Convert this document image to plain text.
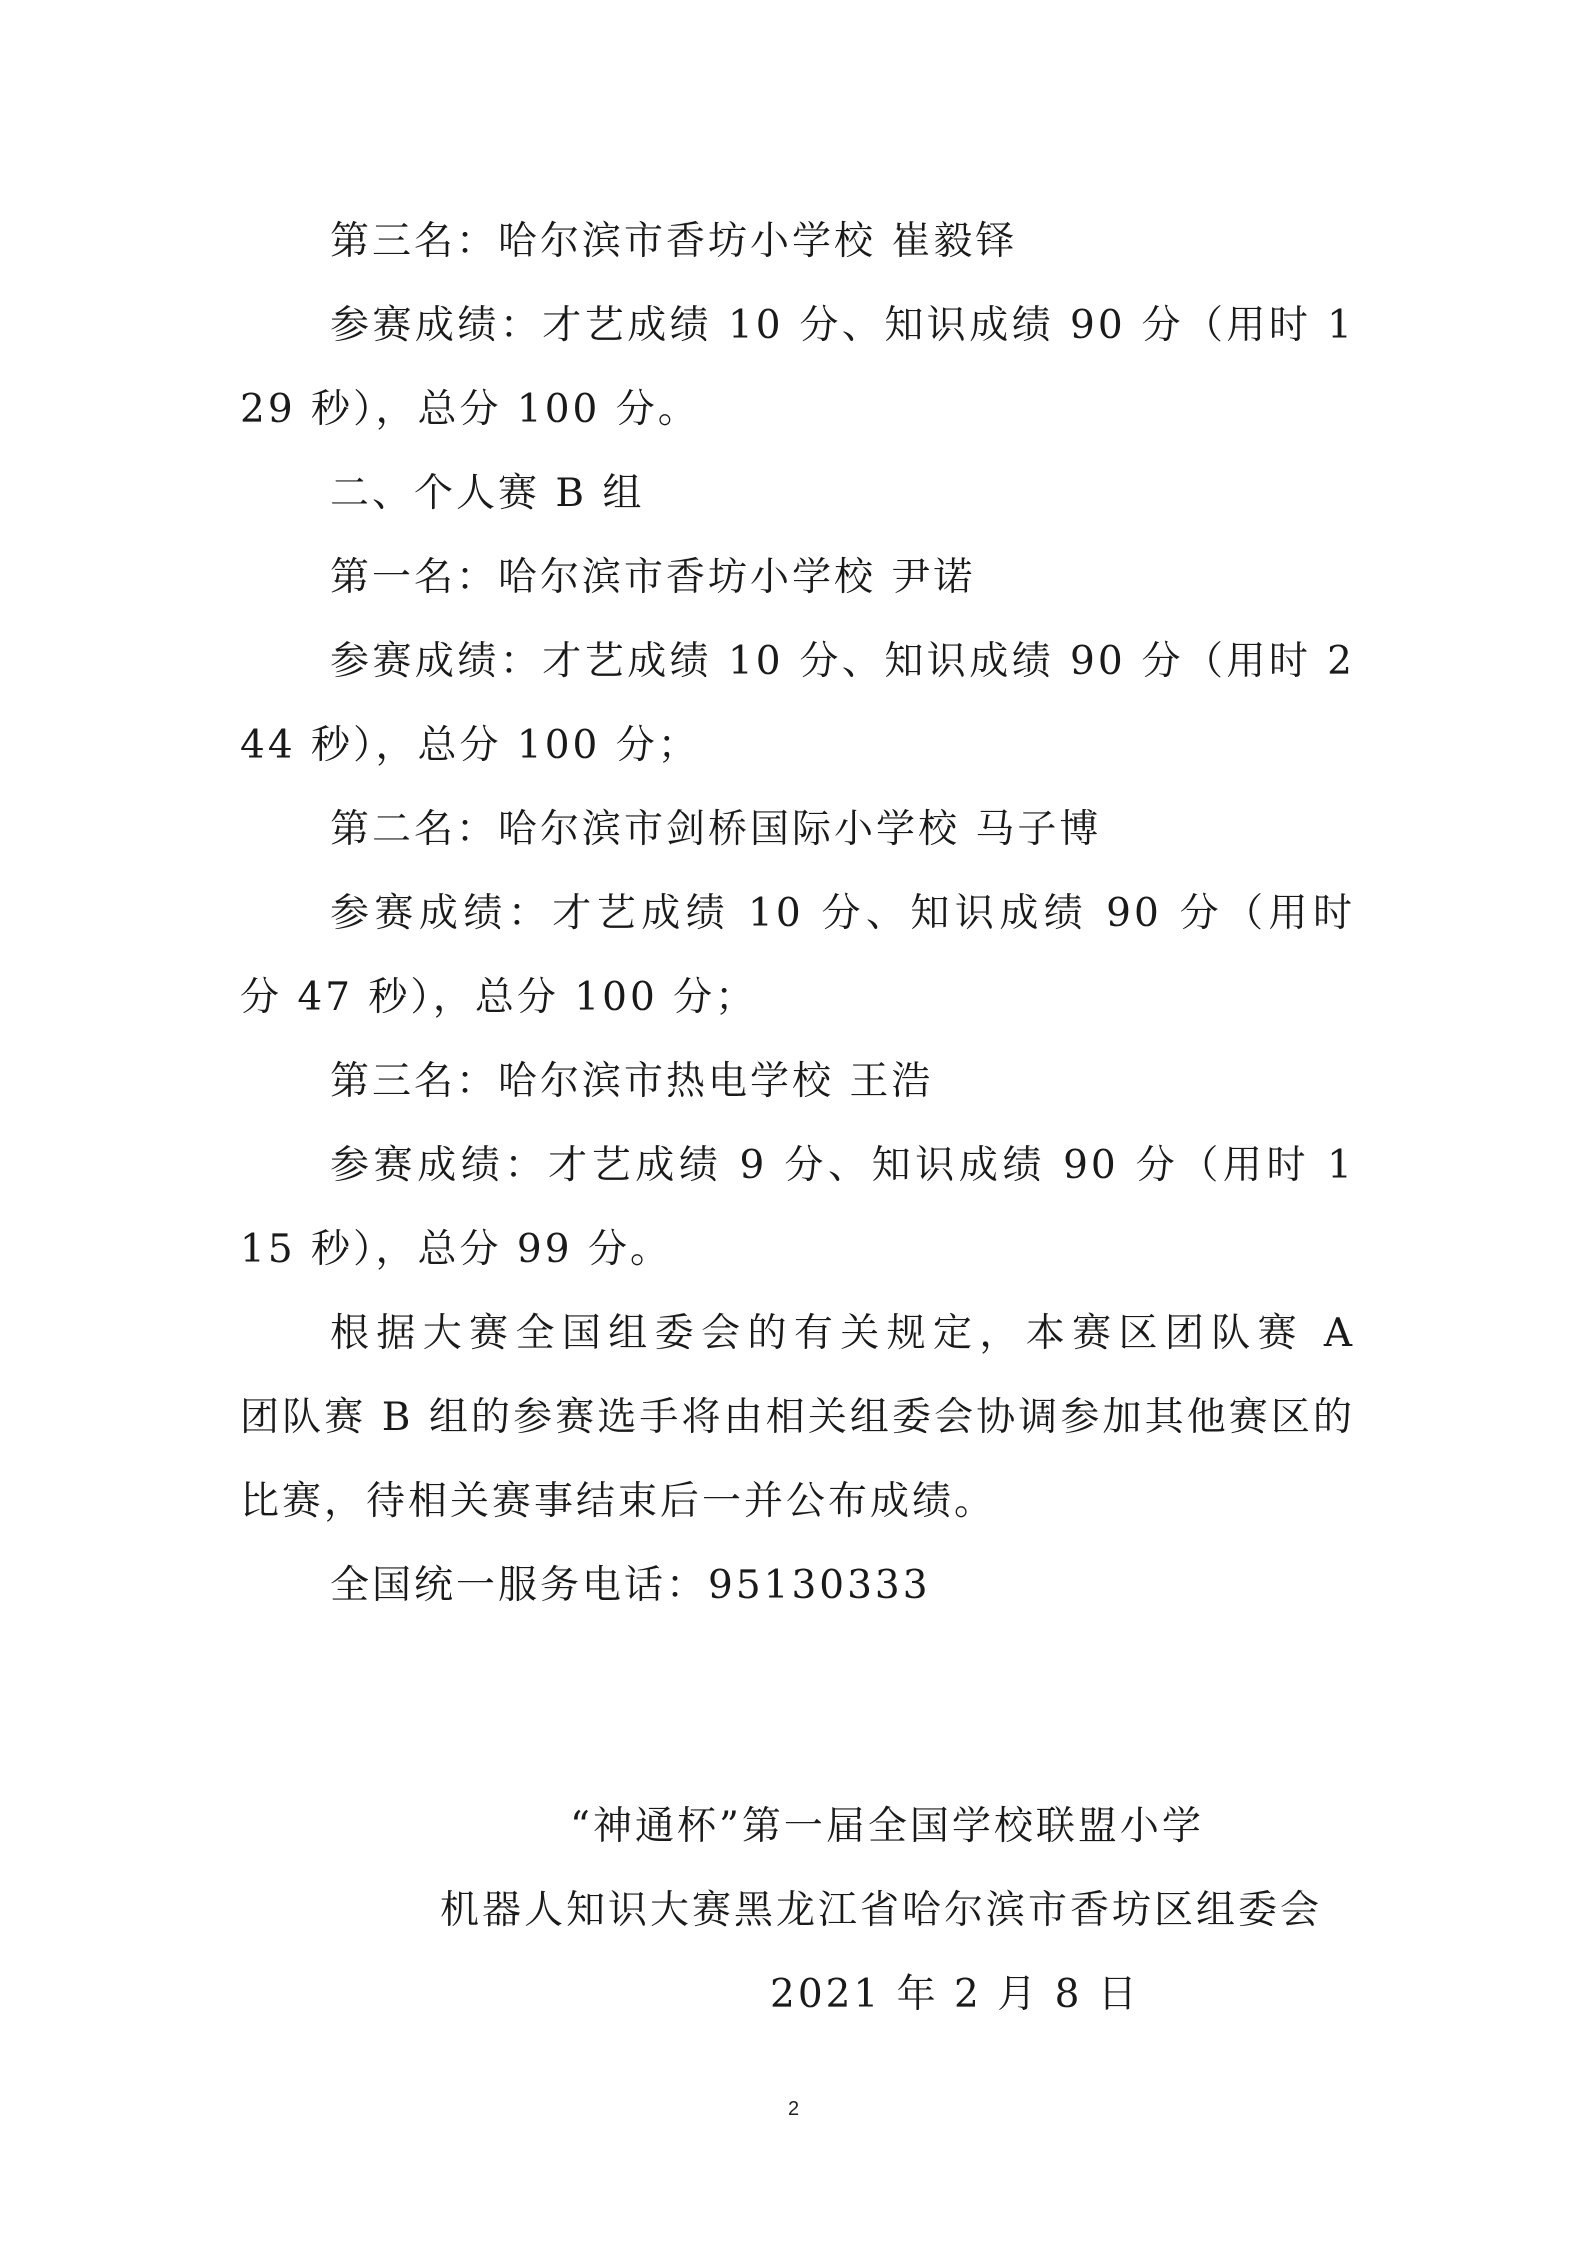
第三名：哈尔滨市香坊小学校 崔毅铎
参赛成绩：才艺成绩 10 分、知识成绩 90 分（用时 1
29 秒），总分 100 分。
二、个人赛 B 组
第一名：哈尔滨市香坊小学校 尹诺
参赛成绩：才艺成绩 10 分、知识成绩 90 分（用时 2
44 秒），总分 100 分；
第二名：哈尔滨市剑桥国际小学校 马子博
参赛成绩：才艺成绩 10 分、知识成绩 90 分（用时
分 47 秒），总分 100 分；
第三名：哈尔滨市热电学校 王浩
参赛成绩：才艺成绩 9 分、知识成绩 90 分（用时 1
15 秒），总分 99 分。
根据大赛全国组委会的有关规定，本赛区团队赛 A
团队赛 B 组的参赛选手将由相关组委会协调参加其他赛区的
比赛，待相关赛事结束后一并公布成绩。
全国统一服务电话：95130333
“神通杯”第一届全国学校联盟小学
机器人知识大赛黑龙江省哈尔滨市香坊区组委会
2021 年 2 月 8 日
2
